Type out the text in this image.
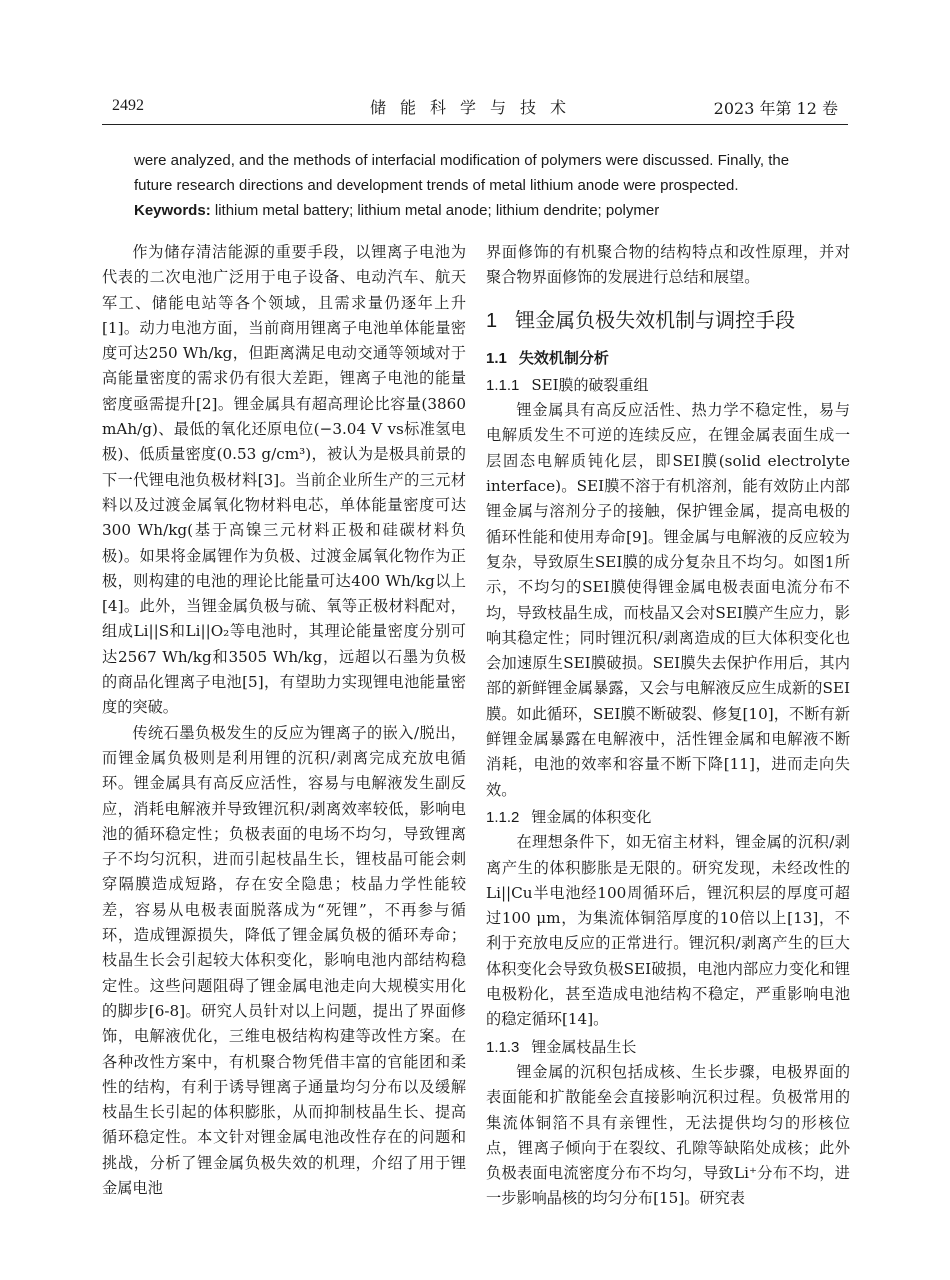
2492	储能科学与技术	2023 年第 12 卷

were analyzed, and the methods of interfacial modification of polymers were discussed. Finally, the future research directions and development trends of metal lithium anode were prospected.

Keywords: lithium metal battery; lithium metal anode; lithium dendrite; polymer

作为储存清洁能源的重要手段，以锂离子电池为代表的二次电池广泛用于电子设备、电动汽车、航天军工、储能电站等各个领域，且需求量仍逐年上升[1]。动力电池方面，当前商用锂离子电池单体能量密度可达250 Wh/kg，但距离满足电动交通等领域对于高能量密度的需求仍有很大差距，锂离子电池的能量密度亟需提升[2]。锂金属具有超高理论比容量(3860 mAh/g)、最低的氧化还原电位(−3.04 V vs标准氢电极)、低质量密度(0.53 g/cm³)，被认为是极具前景的下一代锂电池负极材料[3]。当前企业所生产的三元材料以及过渡金属氧化物材料电芯，单体能量密度可达300 Wh/kg(基于高镍三元材料正极和硅碳材料负极)。如果将金属锂作为负极、过渡金属氧化物作为正极，则构建的电池的理论比能量可达400 Wh/kg以上[4]。此外，当锂金属负极与硫、氧等正极材料配对，组成Li||S和Li||O₂等电池时，其理论能量密度分别可达2567 Wh/kg和3505 Wh/kg，远超以石墨为负极的商品化锂离子电池[5]，有望助力实现锂电池能量密度的突破。

传统石墨负极发生的反应为锂离子的嵌入/脱出，而锂金属负极则是利用锂的沉积/剥离完成充放电循环。锂金属具有高反应活性，容易与电解液发生副反应，消耗电解液并导致锂沉积/剥离效率较低，影响电池的循环稳定性；负极表面的电场不均匀，导致锂离子不均匀沉积，进而引起枝晶生长，锂枝晶可能会刺穿隔膜造成短路，存在安全隐患；枝晶力学性能较差，容易从电极表面脱落成为“死锂”，不再参与循环，造成锂源损失，降低了锂金属负极的循环寿命；枝晶生长会引起较大体积变化，影响电池内部结构稳定性。这些问题阻碍了锂金属电池走向大规模实用化的脚步[6-8]。研究人员针对以上问题，提出了界面修饰，电解液优化，三维电极结构构建等改性方案。在各种改性方案中，有机聚合物凭借丰富的官能团和柔性的结构，有利于诱导锂离子通量均匀分布以及缓解枝晶生长引起的体积膨胀，从而抑制枝晶生长、提高循环稳定性。本文针对锂金属电池改性存在的问题和挑战，分析了锂金属负极失效的机理，介绍了用于锂金属电池

界面修饰的有机聚合物的结构特点和改性原理，并对聚合物界面修饰的发展进行总结和展望。

1 锂金属负极失效机制与调控手段
1.1 失效机制分析
1.1.1 SEI膜的破裂重组

锂金属具有高反应活性、热力学不稳定性，易与电解质发生不可逆的连续反应，在锂金属表面生成一层固态电解质钝化层，即SEI膜(solid electrolyte interface)。SEI膜不溶于有机溶剂，能有效防止内部锂金属与溶剂分子的接触，保护锂金属，提高电极的循环性能和使用寿命[9]。锂金属与电解液的反应较为复杂，导致原生SEI膜的成分复杂且不均匀。如图1所示，不均匀的SEI膜使得锂金属电极表面电流分布不均，导致枝晶生成，而枝晶又会对SEI膜产生应力，影响其稳定性；同时锂沉积/剥离造成的巨大体积变化也会加速原生SEI膜破损。SEI膜失去保护作用后，其内部的新鲜锂金属暴露，又会与电解液反应生成新的SEI膜。如此循环，SEI膜不断破裂、修复[10]，不断有新鲜锂金属暴露在电解液中，活性锂金属和电解液不断消耗，电池的效率和容量不断下降[11]，进而走向失效。

1.1.2 锂金属的体积变化

在理想条件下，如无宿主材料，锂金属的沉积/剥离产生的体积膨胀是无限的。研究发现，未经改性的Li||Cu半电池经100周循环后，锂沉积层的厚度可超过100 μm，为集流体铜箔厚度的10倍以上[13]，不利于充放电反应的正常进行。锂沉积/剥离产生的巨大体积变化会导致负极SEI破损，电池内部应力变化和锂电极粉化，甚至造成电池结构不稳定，严重影响电池的稳定循环[14]。

1.1.3 锂金属枝晶生长

锂金属的沉积包括成核、生长步骤，电极界面的表面能和扩散能垒会直接影响沉积过程。负极常用的集流体铜箔不具有亲锂性，无法提供均匀的形核位点，锂离子倾向于在裂纹、孔隙等缺陷处成核；此外负极表面电流密度分布不均匀，导致Li⁺分布不均，进一步影响晶核的均匀分布[15]。研究表
